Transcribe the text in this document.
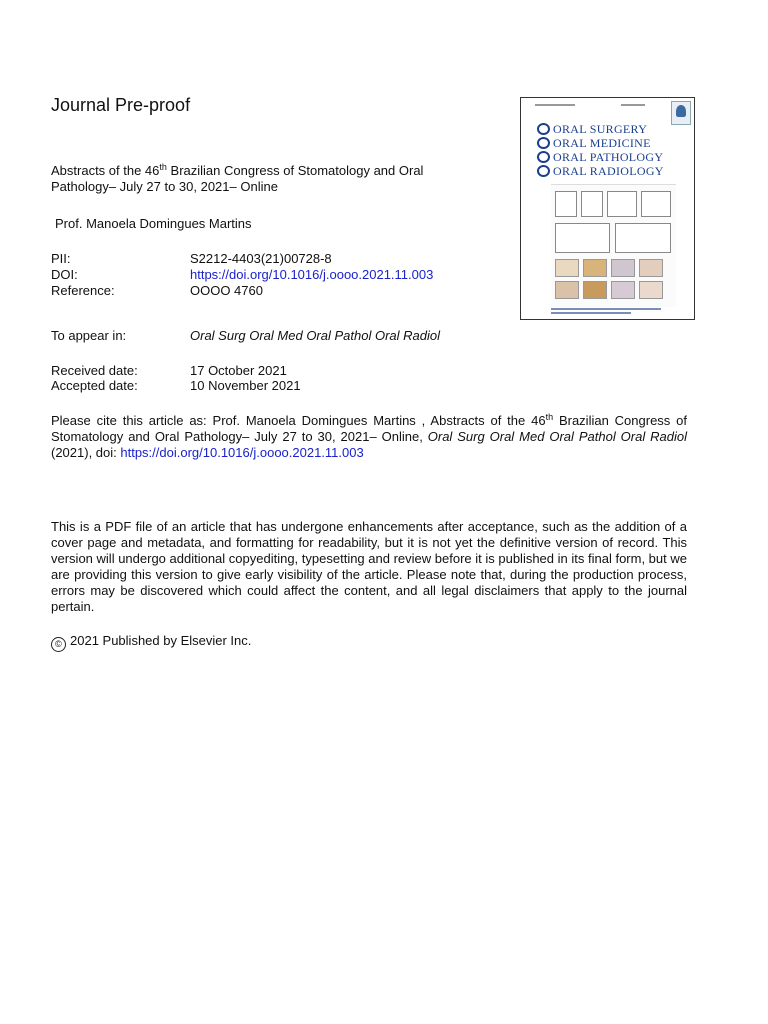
Journal Pre-proof
Abstracts of the 46th Brazilian Congress of Stomatology and Oral Pathology– July 27 to 30, 2021– Online
Prof. Manoela Domingues Martins
PII:	S2212-4403(21)00728-8
DOI:	https://doi.org/10.1016/j.oooo.2021.11.003
Reference:	OOOO 4760
To appear in:	Oral Surg Oral Med Oral Pathol Oral Radiol
Received date:	17 October 2021
Accepted date:	10 November 2021
Please cite this article as: Prof. Manoela Domingues Martins , Abstracts of the 46th Brazilian Congress of Stomatology and Oral Pathology– July 27 to 30, 2021– Online, Oral Surg Oral Med Oral Pathol Oral Radiol (2021), doi: https://doi.org/10.1016/j.oooo.2021.11.003
This is a PDF file of an article that has undergone enhancements after acceptance, such as the addition of a cover page and metadata, and formatting for readability, but it is not yet the definitive version of record. This version will undergo additional copyediting, typesetting and review before it is published in its final form, but we are providing this version to give early visibility of the article. Please note that, during the production process, errors may be discovered which could affect the content, and all legal disclaimers that apply to the journal pertain.
© 2021 Published by Elsevier Inc.
ORAL SURGERY
ORAL MEDICINE
ORAL PATHOLOGY
ORAL RADIOLOGY
